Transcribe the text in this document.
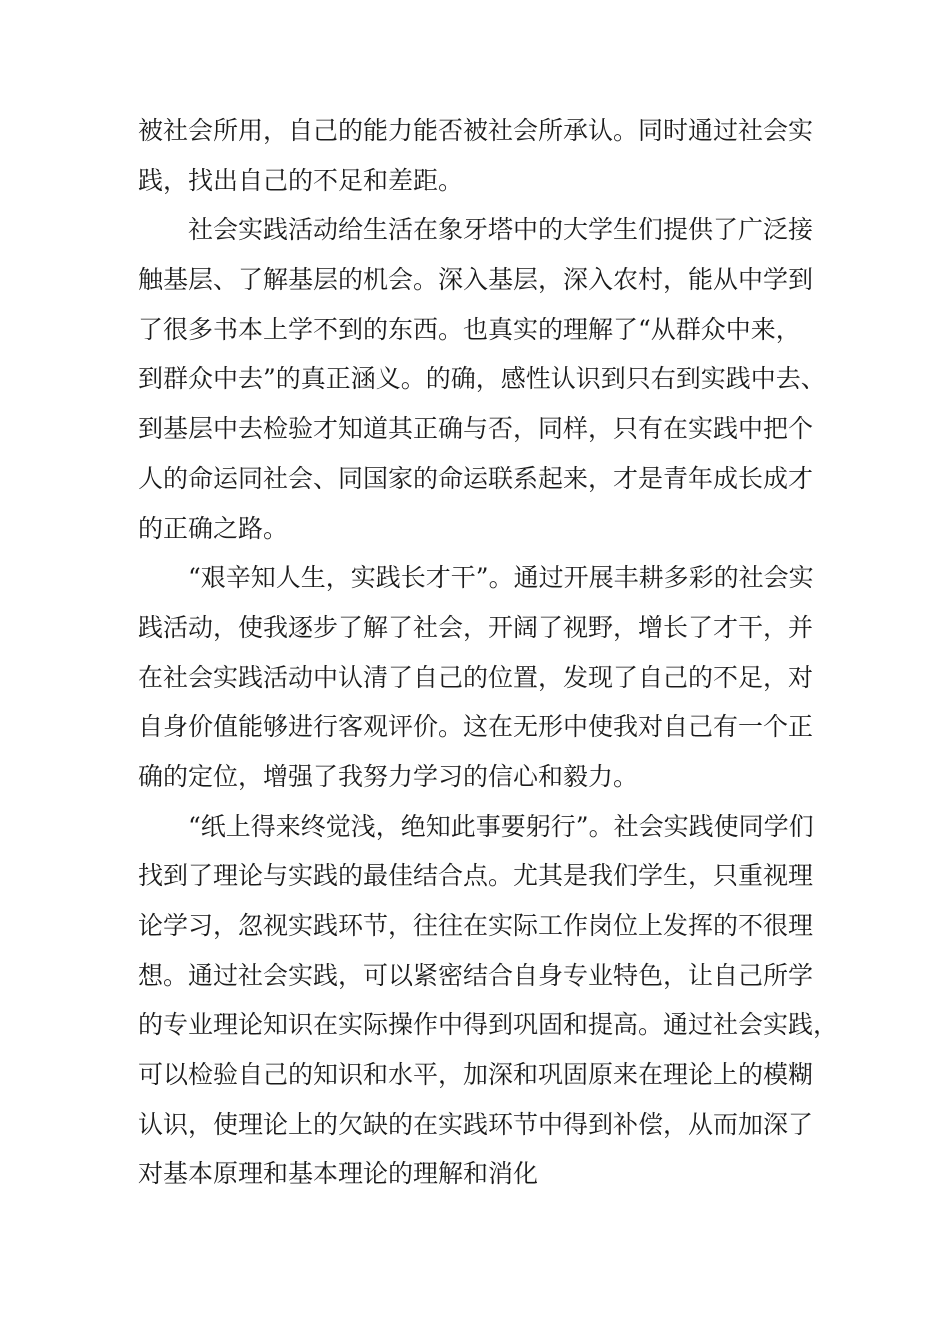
被社会所用，自己的能力能否被社会所承认。同时通过社会实
践，找出自己的不足和差距。
社会实践活动给生活在象牙塔中的大学生们提供了广泛接
触基层、了解基层的机会。深入基层，深入农村，能从中学到
了很多书本上学不到的东西。也真实的理解了“从群众中来，
到群众中去”的真正涵义。的确，感性认识到只右到实践中去、
到基层中去检验才知道其正确与否，同样，只有在实践中把个
人的命运同社会、同国家的命运联系起来，才是青年成长成才
的正确之路。
“艰辛知人生，实践长才干”。通过开展丰耕多彩的社会实
践活动，使我逐步了解了社会，开阔了视野，增长了才干，并
在社会实践活动中认清了自己的位置，发现了自己的不足，对
自身价值能够进行客观评价。这在无形中使我对自己有一个正
确的定位，增强了我努力学习的信心和毅力。
“纸上得来终觉浅，绝知此事要躬行”。社会实践使同学们
找到了理论与实践的最佳结合点。尤其是我们学生，只重视理
论学习，忽视实践环节，往往在实际工作岗位上发挥的不很理
想。通过社会实践，可以紧密结合自身专业特色，让自己所学
的专业理论知识在实际操作中得到巩固和提高。通过社会实践，
可以检验自己的知识和水平，加深和巩固原来在理论上的模糊
认识，使理论上的欠缺的在实践环节中得到补偿，从而加深了
对基本原理和基本理论的理解和消化
